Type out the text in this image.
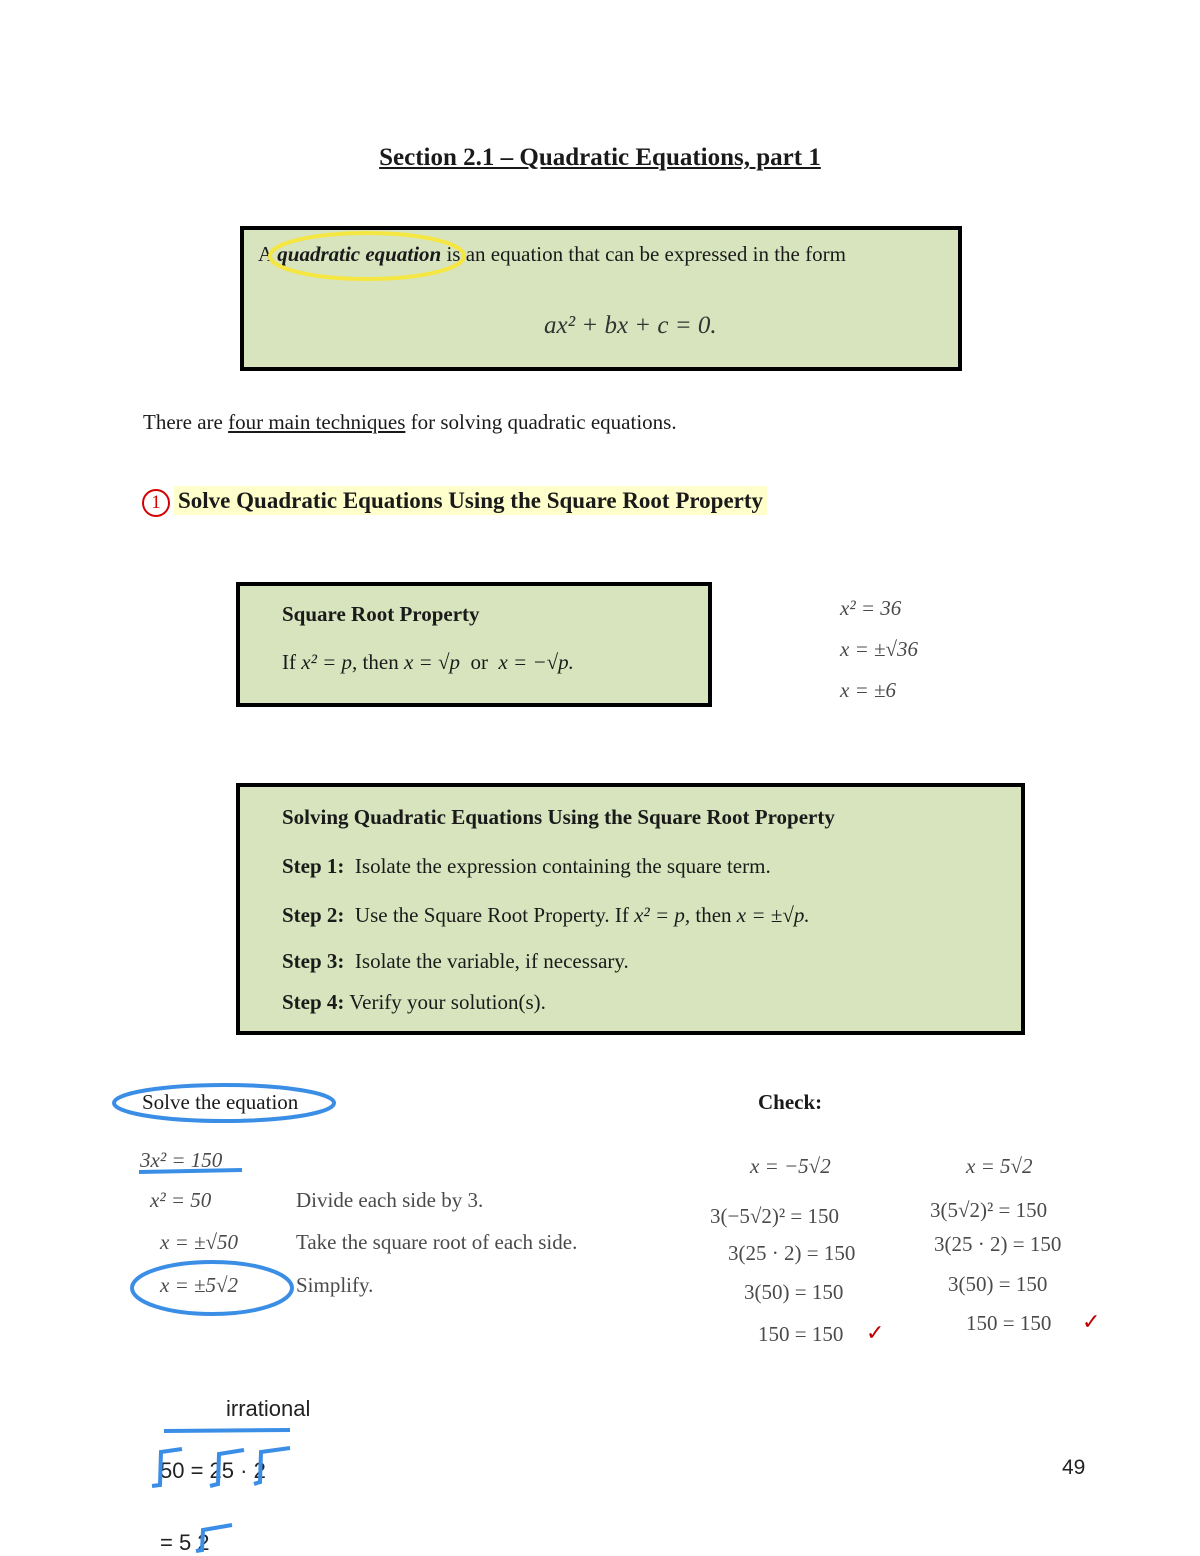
Section 2.1 – Quadratic Equations, part 1
A quadratic equation is an equation that can be expressed in the form
ax² + bx + c = 0.
There are four main techniques for solving quadratic equations.
1 Solve Quadratic Equations Using the Square Root Property
Square Root Property
If x² = p, then x = √p or x = −√p.
x² = 36
x = ±√36
x = ±6
Solving Quadratic Equations Using the Square Root Property
Step 1: Isolate the expression containing the square term.
Step 2: Use the Square Root Property. If x² = p, then x = ±√p.
Step 3: Isolate the variable, if necessary.
Step 4: Verify your solution(s).
Solve the equation
3x² = 150
x² = 50	Divide each side by 3.
x = ±√50	Take the square root of each side.
x = ±5√2	Simplify.
Check:
x = −5√2
3(−5√2)² = 150
3(25 · 2) = 150
3(50) = 150
150 = 150 ✓
x = 5√2
3(5√2)² = 150
3(25 · 2) = 150
3(50) = 150
150 = 150 ✓
irrational
50 = 25 · 2
= 5 2
49
